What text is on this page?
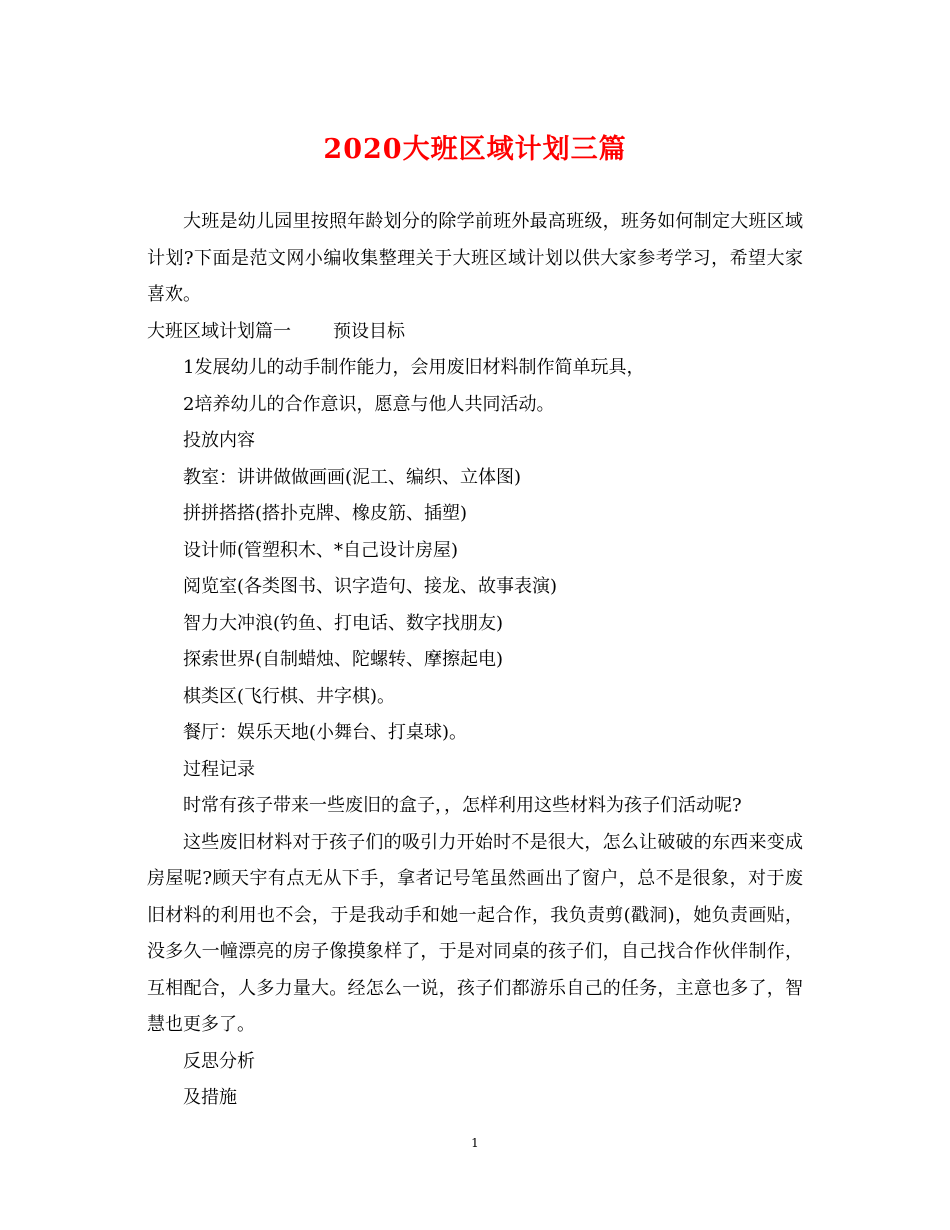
2020大班区域计划三篇

大班是幼儿园里按照年龄划分的除学前班外最高班级，班务如何制定大班区域计划?下面是范文网小编收集整理关于大班区域计划以供大家参考学习，希望大家喜欢。

大班区域计划篇一 预设目标

1发展幼儿的动手制作能力，会用废旧材料制作简单玩具，

2培养幼儿的合作意识，愿意与他人共同活动。

投放内容

教室：讲讲做做画画(泥工、编织、立体图)

拼拼搭搭(搭扑克牌、橡皮筋、插塑)

设计师(管塑积木、*自己设计房屋)

阅览室(各类图书、识字造句、接龙、故事表演)

智力大冲浪(钓鱼、打电话、数字找朋友)

探索世界(自制蜡烛、陀螺转、摩擦起电)

棋类区(飞行棋、井字棋)。

餐厅：娱乐天地(小舞台、打桌球)。

过程记录

时常有孩子带来一些废旧的盒子，，怎样利用这些材料为孩子们活动呢?

这些废旧材料对于孩子们的吸引力开始时不是很大，怎么让破破的东西来变成房屋呢?顾天宇有点无从下手，拿者记号笔虽然画出了窗户，总不是很象，对于废旧材料的利用也不会，于是我动手和她一起合作，我负责剪(戳洞)，她负责画贴，没多久一幢漂亮的房子像摸象样了，于是对同桌的孩子们，自己找合作伙伴制作，互相配合，人多力量大。经怎么一说，孩子们都游乐自己的任务，主意也多了，智慧也更多了。

反思分析

及措施

1
